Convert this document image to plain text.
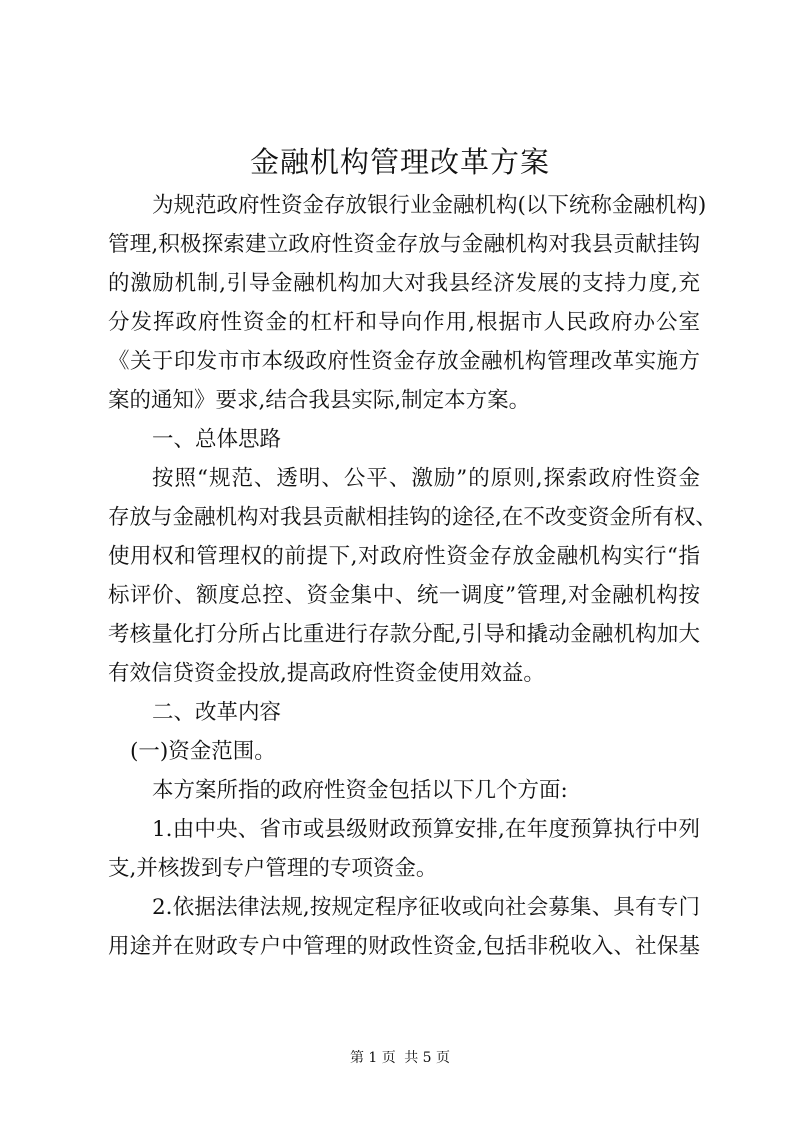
金融机构管理改革方案
为规范政府性资金存放银行业金融机构(以下统称金融机构)
管理,积极探索建立政府性资金存放与金融机构对我县贡献挂钩
的激励机制,引导金融机构加大对我县经济发展的支持力度,充
分发挥政府性资金的杠杆和导向作用,根据市人民政府办公室
《关于印发市市本级政府性资金存放金融机构管理改革实施方
案的通知》要求,结合我县实际,制定本方案。
一、总体思路
按照“规范、透明、公平、激励”的原则,探索政府性资金
存放与金融机构对我县贡献相挂钩的途径,在不改变资金所有权、
使用权和管理权的前提下,对政府性资金存放金融机构实行“指
标评价、额度总控、资金集中、统一调度”管理,对金融机构按
考核量化打分所占比重进行存款分配,引导和撬动金融机构加大
有效信贷资金投放,提高政府性资金使用效益。
二、改革内容
(一)资金范围。
本方案所指的政府性资金包括以下几个方面:
1.由中央、省市或县级财政预算安排,在年度预算执行中列
支,并核拨到专户管理的专项资金。
2.依据法律法规,按规定程序征收或向社会募集、具有专门
用途并在财政专户中管理的财政性资金,包括非税收入、社保基
第 1 页 共 5 页
